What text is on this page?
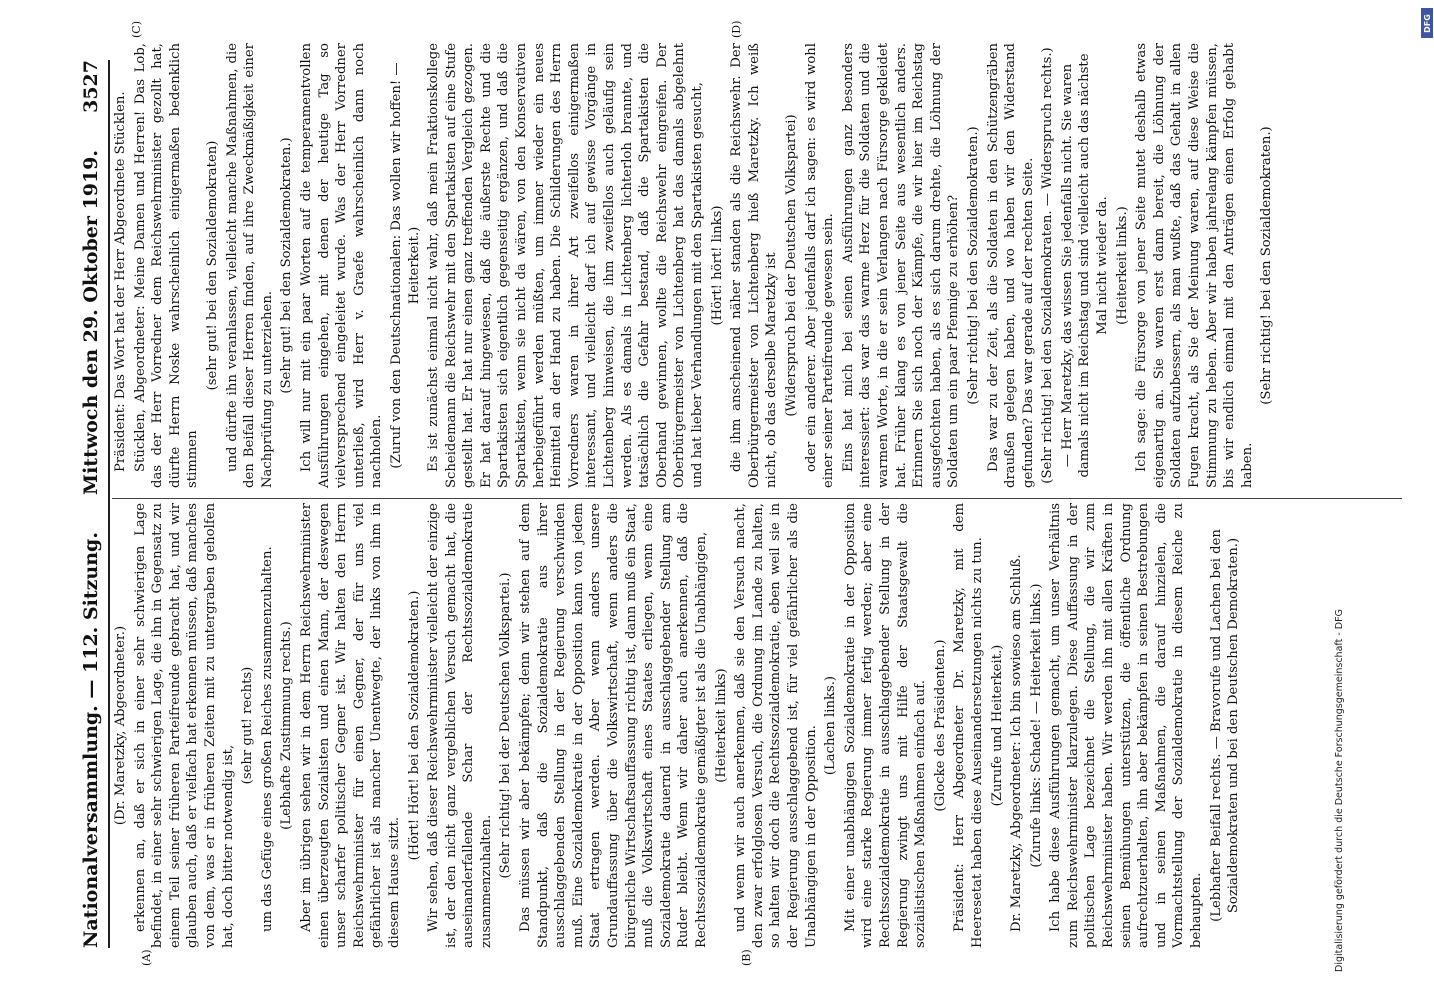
Nationalversammlung. — 112. Sitzung.
Mittwoch den 29. Oktober 1919.
3527
(A)	(B)
(C)	(D)

(Dr. Maretzky, Abgeordneter.) erkennen an, daß er sich in einer sehr schwierigen Lage befindet, in einer sehr schwierigen Lage, die ihn in Gegensatz zu einem Teil seiner früheren Parteifreunde gebracht hat, und wir glauben auch, daß er vielfach hat erkennen müssen, daß manches von dem, was er in früheren Zeiten mit zu untergraben geholfen hat, doch bitter notwendig ist,

(sehr gut! rechts) um das Gefüge eines großen Reiches zusammenzuhalten. (Lebhafte Zustimmung rechts.) Aber im übrigen sehen wir in dem Herrn Reichswehrminister einen überzeugten Sozialisten und einen Mann, der deswegen unser scharfer politischer Gegner ist. Wir halten den Herrn Reichswehrminister für einen Gegner, der für uns viel gefährlicher ist als mancher Unentwegte, der links von ihm in diesem Hause sitzt.

(Hört! Hört! bei den Sozialdemokraten.) Wir sehen, daß dieser Reichswehrminister vielleicht der einzige ist, der den nicht ganz vergeblichen Versuch gemacht hat, die auseinanderfallende Schar der Rechtssozialdemokratie zusammenzuhalten.

(Sehr richtig! bei der Deutschen Volkspartei.) Das müssen wir aber bekämpfen; denn wir stehen auf dem Standpunkt, daß die Sozialdemokratie aus ihrer ausschlaggebenden Stellung in der Regierung verschwinden muß. Eine Sozialdemokratie in der Opposition kann von jedem Staat ertragen werden. Aber wenn anders unsere Grundauffassung über die Volkswirtschaft, wenn anders die bürgerliche Wirtschaftsauffassung richtig ist, dann muß ein Staat, muß die Volkswirtschaft eines Staates erliegen, wenn eine Sozialdemokratie dauernd in ausschlaggebender Stellung am Ruder bleibt. Wenn wir daher auch anerkennen, daß die Rechtssozialdemokratie gemäßigter ist als die Unabhängigen, (Heiterkeit links) und wenn wir auch anerkennen, daß sie den Versuch macht, den zwar erfolglosen Versuch, die Ordnung im Lande zu halten, so halten wir doch die Rechtssozialdemokratie, eben weil sie in der Regierung ausschlaggebend ist, für viel gefährlicher als die Unabhängigen in der Opposition. (Lachen links.) Mit einer unabhängigen Sozialdemokratie in der Opposition wird eine starke Regierung immer fertig werden; aber eine Rechtssozialdemokratie in ausschlaggebender Stellung in der Regierung zwingt uns mit Hilfe der Staatsgewalt die sozialistischen Maßnahmen einfach auf. (Glocke des Präsidenten.) Präsident: Herr Abgeordneter Dr. Maretzky, mit dem Heeresetat haben diese Auseinandersetzungen nichts zu tun. (Zurufe und Heiterkeit.) Dr. Maretzky, Abgeordneter: Ich bin sowieso am Schluß. (Zurufe links: Schade! — Heiterkeit links.) Ich habe diese Ausführungen gemacht, um unser Verhältnis zum Reichswehrminister klarzulegen. Diese Auffassung in der politischen Lage bezeichnet die Stellung, die wir zum Reichswehrminister haben. Wir werden ihn mit allen Kräften in seinen Bemühungen unterstützen, die öffentliche Ordnung aufrechtzuerhalten, ihn aber bekämpfen in seinen Bestrebungen und in seinen Maßnahmen, die darauf hinzielen, die Vormachtstellung der Sozialdemokratie in diesem Reiche zu behaupten. (Lebhafter Beifall rechts. — Bravorufe und Lachen bei den Sozialdemokraten und bei den Deutschen Demokraten.)

Präsident: Das Wort hat der Herr Abgeordnete Stücklen. Stücklen, Abgeordneter: Meine Damen und Herren! Das Lob, das der Herr Vorredner dem Reichswehrminister gezollt hat, dürfte Herrn Noske wahrscheinlich einigermaßen bedenklich stimmen

(sehr gut! bei den Sozialdemokraten) und dürfte ihn veranlassen, vielleicht manche Maßnahmen, die den Beifall dieser Herren finden, auf ihre Zweckmäßigkeit einer Nachprüfung zu unterziehen. (Sehr gut! bei den Sozialdemokraten.) Ich will nur mit ein paar Worten auf die temperamentvollen Ausführungen eingehen, mit denen der heutige Tag so vielversprechend eingeleitet wurde. Was der Herr Vorredner unterließ, wird Herr v. Graefe wahrscheinlich dann noch nachholen. (Zuruf von den Deutschnationalen: Das wollen wir hoffen! — Heiterkeit.) Es ist zunächst einmal nicht wahr, daß mein Fraktionskollege Scheidemann die Reichswehr mit den Spartakisten auf eine Stufe gestellt hat. Er hat nur einen ganz treffenden Vergleich gezogen. Er hat darauf hingewiesen, daß die äußerste Rechte und die Spartakisten sich eigentlich gegenseitig ergänzen, und daß die Spartakisten, wenn sie nicht da wären, von den Konservativen herbeigeführt werden müßten, um immer wieder ein neues Heimittel an der Hand zu haben. Die Schilderungen des Herrn Vorredners waren in ihrer Art zweifellos einigermaßen interessant, und vielleicht darf ich auf gewisse Vorgänge in Lichtenberg hinweisen, die ihm zweifellos auch geläufig sein werden. Als es damals in Lichtenberg lichterloh brannte, und tatsächlich die Gefahr bestand, daß die Spartakisten die Oberhand gewinnen, wollte die Reichswehr eingreifen. Der Oberbürgermeister von Lichtenberg hat das damals abgelehnt und hat lieber Verhandlungen mit den Spartakisten gesucht, (Hört! hört! links) die ihm anscheinend näher standen als die Reichswehr. Der Oberbürgermeister von Lichtenberg hieß Maretzky. Ich weiß nicht, ob das derselbe Maretzky ist (Widerspruch bei der Deutschen Volkspartei) oder ein anderer. Aber jedenfalls darf ich sagen: es wird wohl einer seiner Parteifreunde gewesen sein. Eins hat mich bei seinen Ausführungen ganz besonders interessiert: das war das warme Herz für die Soldaten und die warmen Worte, in die er sein Verlangen nach Fürsorge gekleidet hat. Früher klang es von jener Seite aus wesentlich anders. Erinnern Sie sich noch der Kämpfe, die wir hier im Reichstag ausgefochten haben, als es sich darum drehte, die Löhnung der Soldaten um ein paar Pfennige zu erhöhen? (Sehr richtig! bei den Sozialdemokraten.) Das war zu der Zeit, als die Soldaten in den Schützengräben draußen gelegen haben, und wo haben wir den Widerstand gefunden? Das war gerade auf der rechten Seite. (Sehr richtig! bei den Sozialdemokraten. — Widerspruch rechts.) — Herr Maretzky, das wissen Sie jedenfalls nicht. Sie waren damals nicht im Reichstag und sind vielleicht auch das nächste Mal nicht wieder da. (Heiterkeit links.) Ich sage: die Fürsorge von jener Seite mutet deshalb etwas eigenartig an. Sie waren erst dann bereit, die Löhnung der Soldaten aufzubessern, als man wußte, daß das Gehalt in allen Fugen kracht, als Sie der Meinung waren, auf diese Weise die Stimmung zu heben. Aber wir haben jahrelang kämpfen müssen, bis wir endlich einmal mit den Anträgen einen Erfolg gehabt haben.

(Sehr richtig! bei den Sozialdemokraten.)

Digitalisierung gefördert durch die Deutsche Forschungsgemeinschaft - DFG
DFG
